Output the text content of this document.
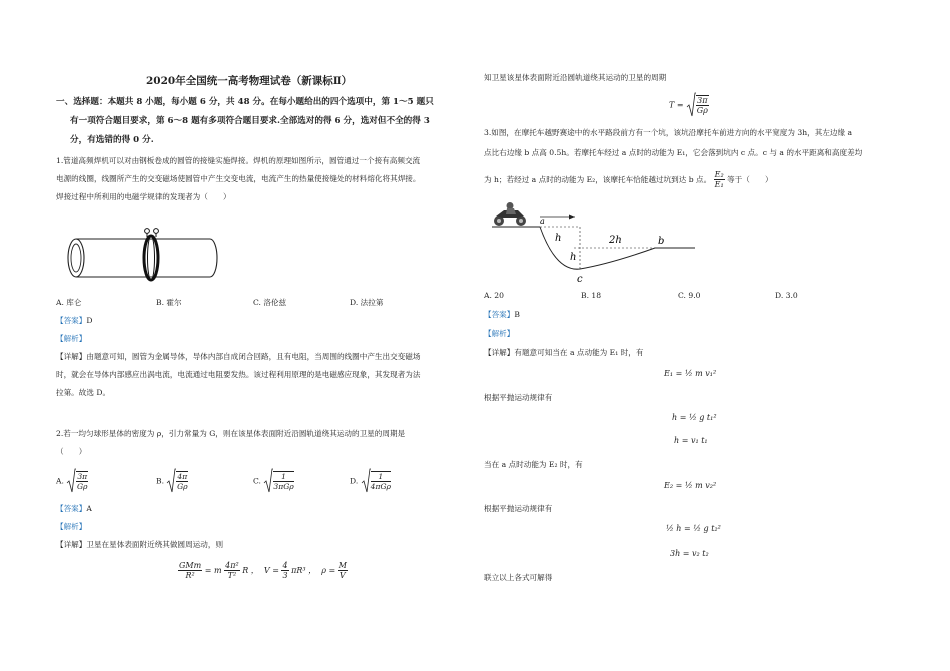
2020年全国统一高考物理试卷（新课标Ⅱ）
一、选择题：本题共 8 小题，每小题 6 分，共 48 分。在每小题给出的四个选项中，第 1～5 题只
有一项符合题目要求，第 6～8 题有多项符合题目要求.全部选对的得 6 分，选对但不全的得 3
分，有选错的得 0 分.
1.管道高频焊机可以对由钢板卷成的圆管的接缝实施焊接。焊机的原理如图所示，圆管通过一个接有高频交流
电源的线圈，线圈所产生的交变磁场使圆管中产生交变电流，电流产生的热量使接缝处的材料熔化将其焊接。
焊接过程中所利用的电磁学规律的发现者为（　　）
A. 库仑	B. 霍尔	C. 洛伦兹	D. 法拉第
【答案】D
【解析】
【详解】由题意可知，圆管为金属导体，导体内部自成闭合回路，且有电阻，当周围的线圈中产生出交变磁场
时，就会在导体内部感应出涡电流，电流通过电阻要发热。该过程利用原理的是电磁感应现象，其发现者为法
拉第。故选 D。
2.若一均匀球形星体的密度为 ρ，引力常量为 G，则在该星体表面附近沿圆轨道绕其运动的卫星的周期是
（　　）
A. $\frac{3\pi}{G\rho}$	B. $\frac{4\pi}{G\rho}$	C. $\frac{1}{\text{3πGρ}}$	D. $\frac{1}{\text{4πGρ}}$
【答案】A
【解析】
【详解】卫星在星体表面附近绕其做圆周运动，则
$\frac{\text{GMm}}{\text{R²}} = m \frac{\text{4π²}}{\text{T²}}$ R ，  $V = \frac{4}{3} \pi R^3$ ，  $\rho = \frac{M}{V}$
知卫星该星体表面附近沿圆轨道绕其运动的卫星的周期
$T = \frac{3\pi}{G\rho}$
3.如图，在摩托车越野赛途中的水平路段前方有一个坑，该坑沿摩托车前进方向的水平宽度为 3h，其左边缘 a
点比右边缘 b 点高 0.5h。若摩托车经过 a 点时的动能为 E₁，它会落到坑内 c 点。c 与 a 的水平距离和高度差均
为 h；若经过 a 点时的动能为 E₂，该摩托车恰能越过坑到达 b 点。 $\frac{\text{E₂}}{\text{E₁}}$ 等于（　　）
a
b
h
h
2h
c
A. 20	B. 18	C. 9.0	D. 3.0
【答案】B
【解析】
【详解】有题意可知当在 a 点动能为 E₁ 时，有
E₁ = ½ m v₁²
根据平抛运动规律有
h = ½ g t₁²
h = v₁ t₁
当在 a 点时动能为 E₂ 时，有
E₂ = ½ m v₂²
根据平抛运动规律有
½ h = ½ g t₂²
3h = v₂ t₂
联立以上各式可解得
